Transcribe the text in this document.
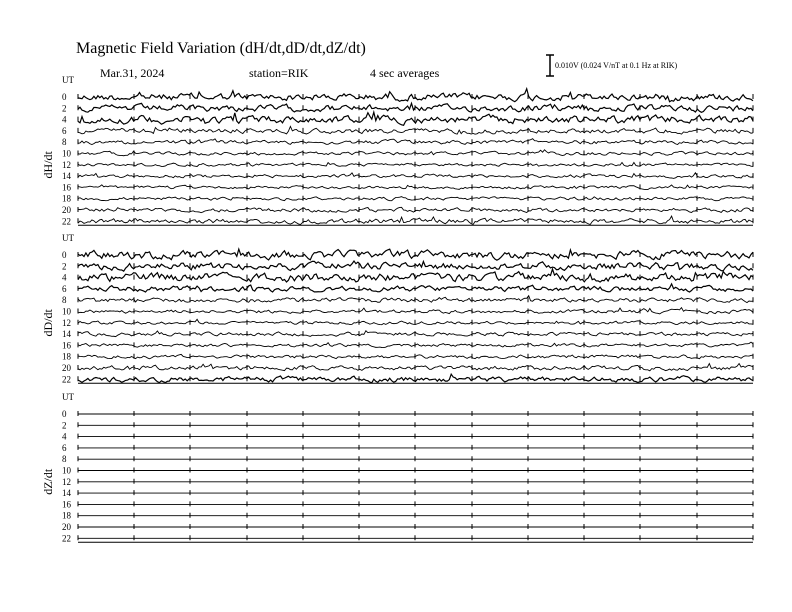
Magnetic Field Variation (dH/dt,dD/dt,dZ/dt)
Mar.31, 2024	station=RIK	4 sec averages
0.010V (0.024 V/nT at 0.1 Hz at RIK)
UT
dH/dt
0
2
4
6
8
10
12
14
16
18
20
22
UT
dD/dt
0
2
4
6
8
10
12
14
16
18
20
22
UT
dZ/dt
0
2
4
6
8
10
12
14
16
18
20
22
